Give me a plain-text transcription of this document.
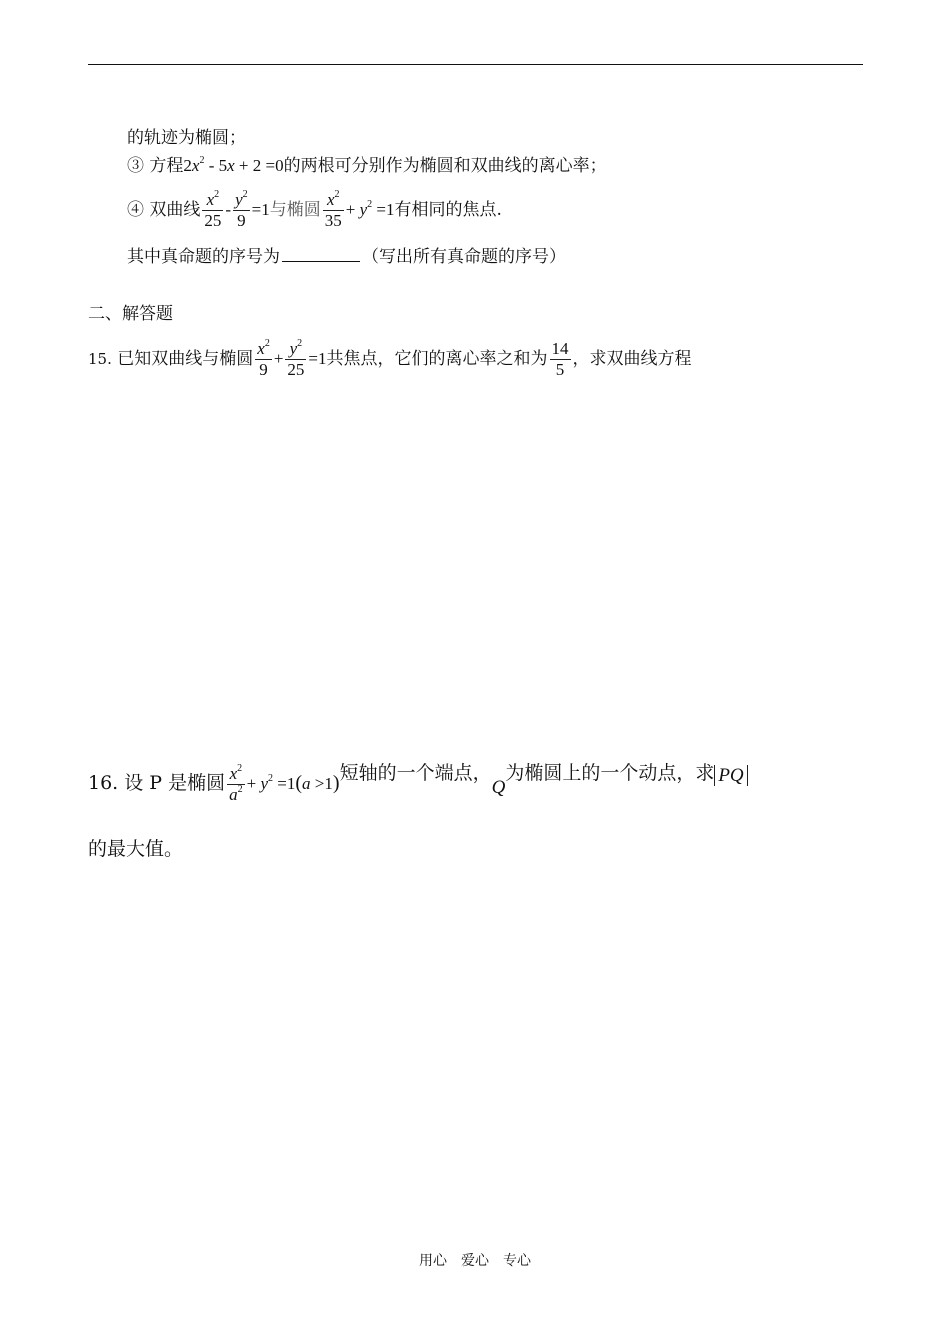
的轨迹为椭圆；
③ 方程$2x^2 - 5x + 2 =0$的两根可分别作为椭圆和双曲线的离心率；
④ 双曲线 $\frac{x^2}{25} - \frac{y^2}{9} =1$与椭圆 $\frac{x^2}{35} + y^2 =1$有相同的焦点.
其中真命题的序号为	（写出所有真命题的序号）
二、解答题
15. 已知双曲线与椭圆 $\frac{x^2}{9} + \frac{y^2}{25} =1$共焦点，它们的离心率之和为 $\frac{14}{5}$ ，求双曲线方程
16. 设 P 是椭圆 $\frac{x^2}{a^2} + y^2 =1(a >1)$短轴的一个端点，Q为椭圆上的一个动点，求 PQ
的最大值。
用心 爱心 专心
